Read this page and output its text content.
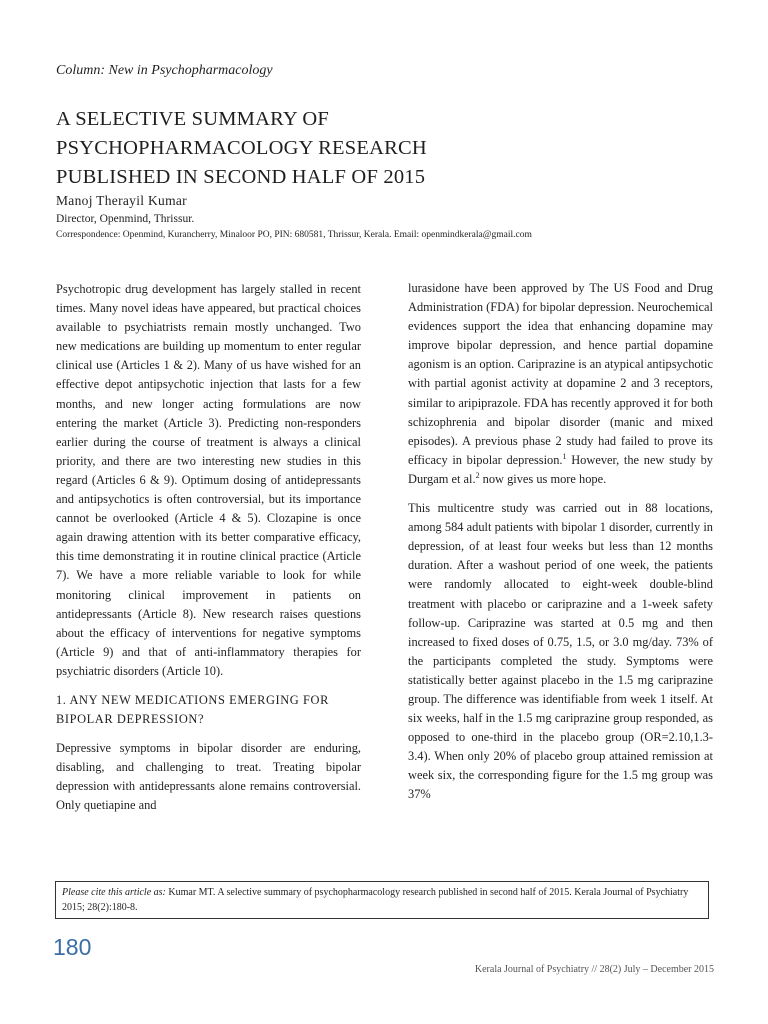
Column: New in Psychopharmacology
A SELECTIVE SUMMARY OF
PSYCHOPHARMACOLOGY RESEARCH
PUBLISHED IN SECOND HALF OF 2015
Manoj Therayil Kumar
Director, Openmind, Thrissur.
Correspondence: Openmind, Kurancherry, Minaloor PO, PIN: 680581, Thrissur, Kerala. Email: openmindkerala@gmail.com

Psychotropic drug development has largely stalled in recent times. Many novel ideas have appeared, but practical choices available to psychiatrists remain mostly unchanged. Two new medications are building up momentum to enter regular clinical use (Articles 1 & 2). Many of us have wished for an effective depot antipsychotic injection that lasts for a few months, and new longer acting formulations are now entering the market (Article 3). Predicting non-responders earlier during the course of treatment is always a clinical priority, and there are two interesting new studies in this regard (Articles 6 & 9). Optimum dosing of antidepressants and antipsychotics is often controversial, but its importance cannot be overlooked (Article 4 & 5). Clozapine is once again drawing attention with its better comparative efficacy, this time demonstrating it in routine clinical practice (Article 7). We have a more reliable variable to look for while monitoring clinical improvement in patients on antidepressants (Article 8). New research raises questions about the efficacy of interventions for negative symptoms (Article 9) and that of anti-inflammatory therapies for psychiatric disorders (Article 10).

1. ANY NEW MEDICATIONS EMERGING FOR BIPOLAR DEPRESSION?

Depressive symptoms in bipolar disorder are enduring, disabling, and challenging to treat. Treating bipolar depression with antidepressants alone remains controversial. Only quetiapine and

lurasidone have been approved by The US Food and Drug Administration (FDA) for bipolar depression. Neurochemical evidences support the idea that enhancing dopamine may improve bipolar depression, and hence partial dopamine agonism is an option. Cariprazine is an atypical antipsychotic with partial agonist activity at dopamine 2 and 3 receptors, similar to aripiprazole. FDA has recently approved it for both schizophrenia and bipolar disorder (manic and mixed episodes). A previous phase 2 study had failed to prove its efficacy in bipolar depression.$^1$ However, the new study by Durgam et al.$^2$ now gives us more hope.

This multicentre study was carried out in 88 locations, among 584 adult patients with bipolar 1 disorder, currently in depression, of at least four weeks but less than 12 months duration. After a washout period of one week, the patients were randomly allocated to eight-week double-blind treatment with placebo or cariprazine and a 1-week safety follow-up. Cariprazine was started at 0.5 mg and then increased to fixed doses of 0.75, 1.5, or 3.0 mg/day. 73% of the participants completed the study. Symptoms were statistically better against placebo in the 1.5 mg cariprazine group. The difference was identifiable from week 1 itself. At six weeks, half in the 1.5 mg cariprazine group responded, as opposed to one-third in the placebo group (OR=2.10,1.3-3.4). When only 20% of placebo group attained remission at week six, the corresponding figure for the 1.5 mg group was 37%

Please cite this article as: Kumar MT. A selective summary of psychopharmacology research published in second half of 2015. Kerala Journal of Psychiatry 2015; 28(2):180-8.
180
Kerala Journal of Psychiatry // 28(2) July – December 2015
